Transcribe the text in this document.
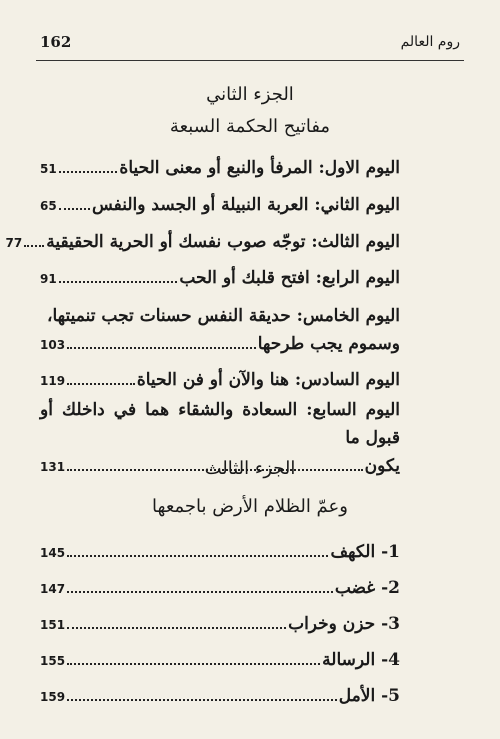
162	روم العالم
الجزء الثاني
مفاتيح الحكمة السبعة
اليوم الاول: المرفأ والنبع أو معنى الحياة
51
اليوم الثاني: العربة النبيلة أو الجسد والنفس
65
اليوم الثالث: توجّه صوب نفسك أو الحرية الحقيقية
77
اليوم الرابع: افتح قلبك أو الحب
91
اليوم الخامس: حديقة النفس حسنات تجب تنميتها،
وسموم يجب طرحها
103
اليوم السادس: هنا والآن أو فن الحياة
119
اليوم السابع: السعادة والشقاء هما في داخلك أو قبول ما
يكون
131	الجزء الثالث
وعمّ الظلام الأرض باجمعها
1- الكهف
145
2- غضب
147
3- حزن وخراب
151
4- الرسالة
155
5- الأمل
159
